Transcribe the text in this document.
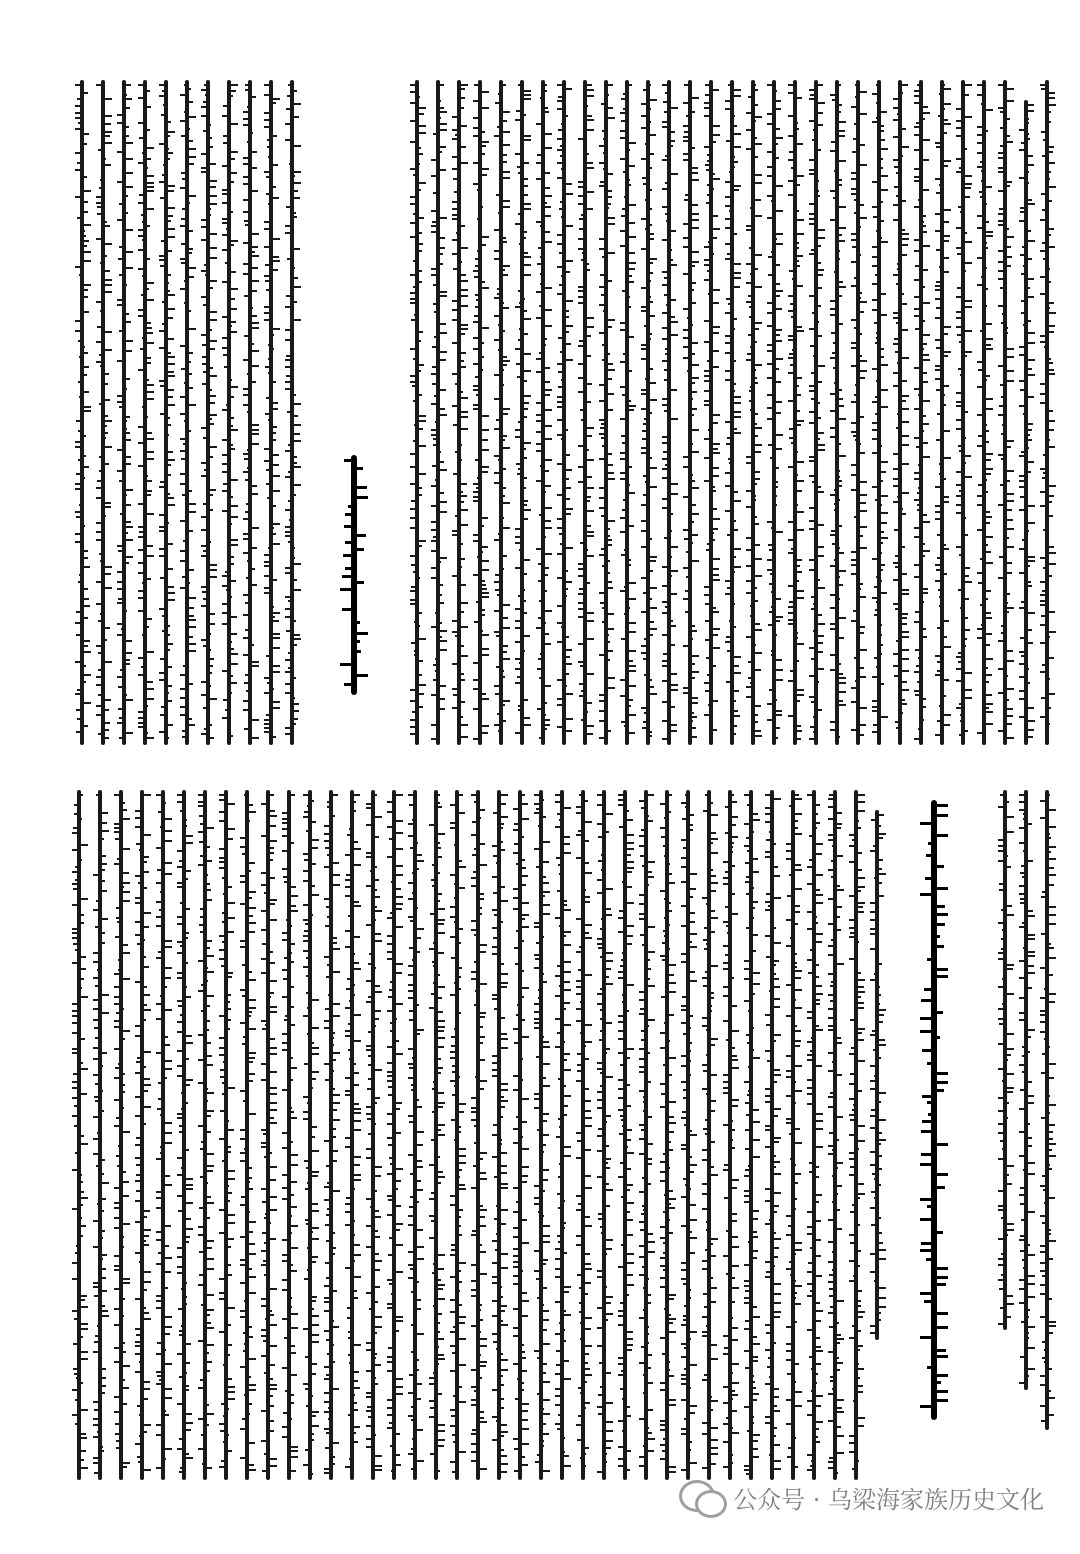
公众号 · 乌梁海家族历史文化
